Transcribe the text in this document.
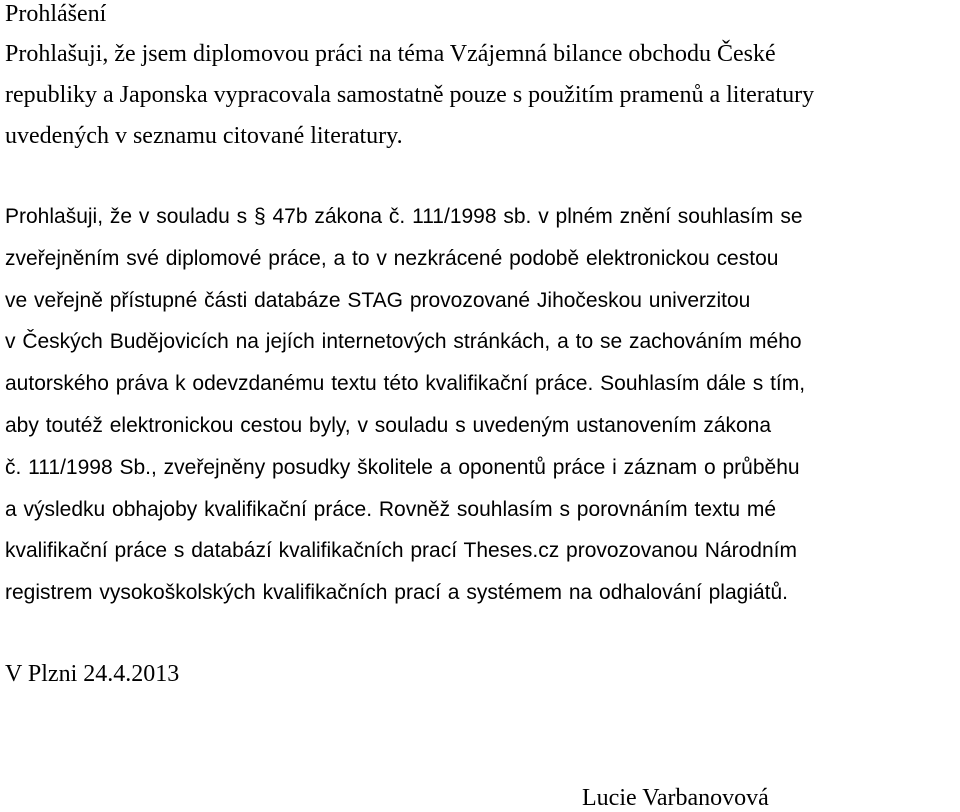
Prohlášení

Prohlašuji, že jsem diplomovou práci na téma Vzájemná bilance obchodu České
republiky a Japonska vypracovala samostatně pouze s použitím pramenů a literatury
uvedených v seznamu citované literatury.

Prohlašuji, že v souladu s § 47b zákona č. 111/1998 sb. v plném znění souhlasím se
zveřejněním své diplomové práce, a to v nezkrácené podobě elektronickou cestou
ve veřejně přístupné části databáze STAG provozované Jihočeskou univerzitou
v Českých Budějovicích na jejích internetových stránkách, a to se zachováním mého
autorského práva k odevzdanému textu této kvalifikační práce. Souhlasím dále s tím,
aby toutéž elektronickou cestou byly, v souladu s uvedeným ustanovením zákona
č. 111/1998 Sb., zveřejněny posudky školitele a oponentů práce i záznam o průběhu
a výsledku obhajoby kvalifikační práce. Rovněž souhlasím s porovnáním textu mé
kvalifikační práce s databází kvalifikačních prací Theses.cz provozovanou Národním
registrem vysokoškolských kvalifikačních prací a systémem na odhalování plagiátů.

V Plzni 24.4.2013

Lucie Varbanovová
